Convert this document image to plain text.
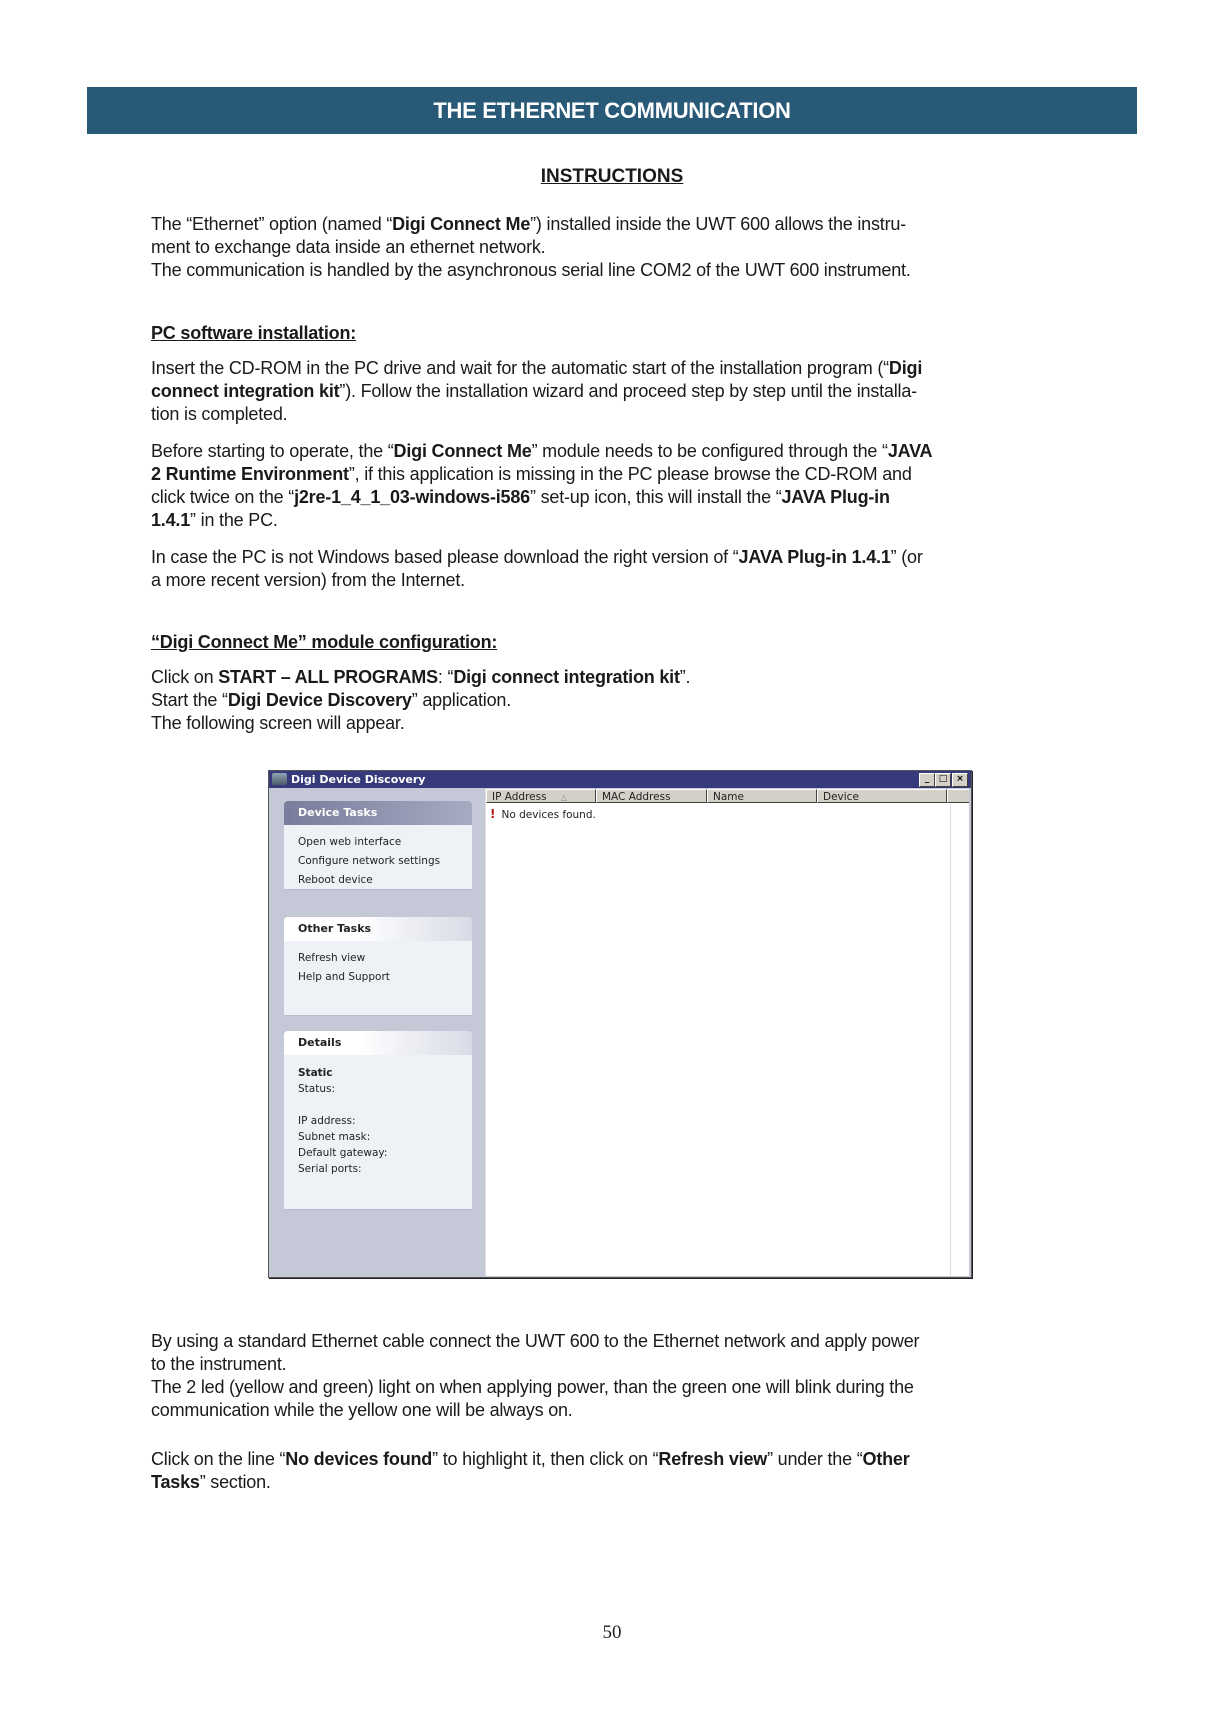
THE ETHERNET COMMUNICATION
INSTRUCTIONS
The “Ethernet” option (named “Digi Connect Me”) installed inside the UWT 600 allows the instru-
ment to exchange data inside an ethernet network.
The communication is handled by the asynchronous serial line COM2 of the UWT 600 instrument.
PC software installation:
Insert the CD-ROM in the PC drive and wait for the automatic start of the installation program (“Digi
connect integration kit”). Follow the installation wizard and proceed step by step until the installa-
tion is completed.
Before starting to operate, the “Digi Connect Me” module needs to be configured through the “JAVA
2 Runtime Environment”, if this application is missing in the PC please browse the CD-ROM and
click twice on the “j2re-1_4_1_03-windows-i586” set-up icon, this will install the “JAVA Plug-in
1.4.1” in the PC.
In case the PC is not Windows based please download the right version of “JAVA Plug-in 1.4.1” (or
a more recent version) from the Internet.
“Digi Connect Me” module configuration:
Click on START – ALL PROGRAMS: “Digi connect integration kit”.
Start the “Digi Device Discovery” application.
The following screen will appear.
Digi Device Discovery	_	□ ×
Device Tasks
Open web interface
Configure network settings
Reboot device
Other Tasks
Refresh view
Help and Support
Details
Static
Status:
IP address:
Subnet mask:
Default gateway:
Serial ports:
IP Address △	MAC Address	Name	Device
! No devices found.
By using a standard Ethernet cable connect the UWT 600 to the Ethernet network and apply power
to the instrument.
The 2 led (yellow and green) light on when applying power, than the green one will blink during the
communication while the yellow one will be always on.
Click on the line “No devices found” to highlight it, then click on “Refresh view” under the “Other
Tasks” section.
50
